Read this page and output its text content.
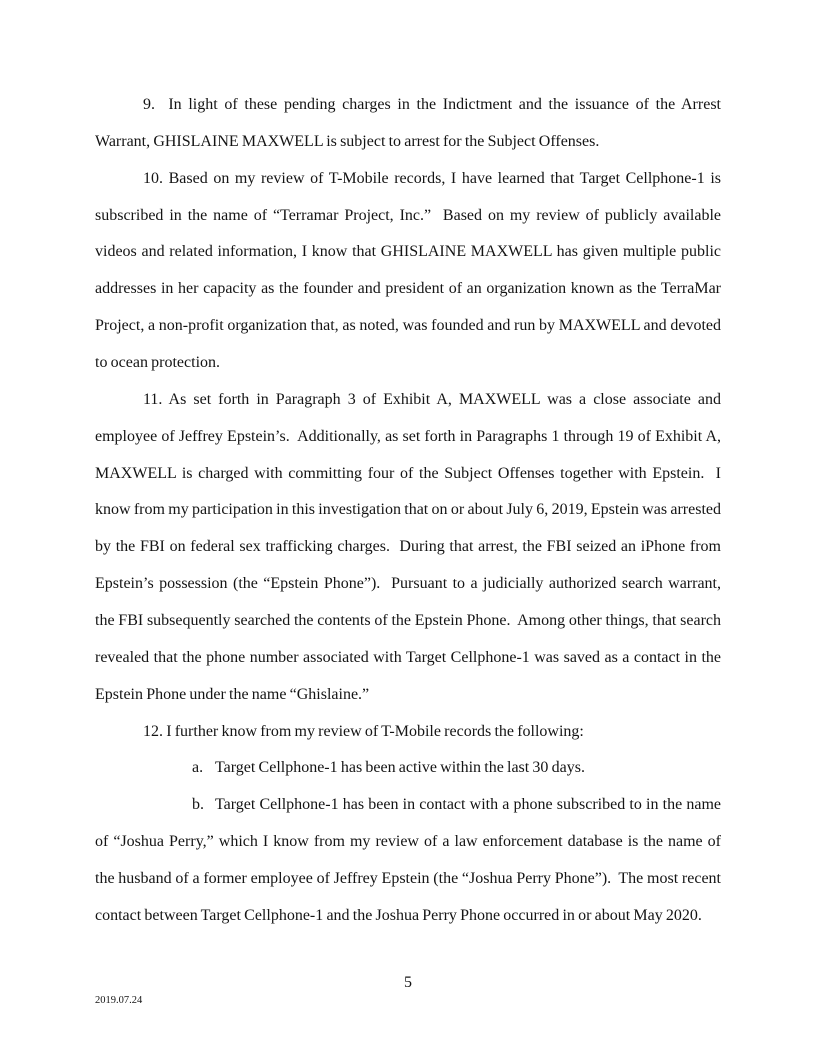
9.  In light of these pending charges in the Indictment and the issuance of the Arrest
Warrant, GHISLAINE MAXWELL is subject to arrest for the Subject Offenses.
10. Based on my review of T-Mobile records, I have learned that Target Cellphone-1 is
subscribed in the name of “Terramar Project, Inc.”  Based on my review of publicly available
videos and related information, I know that GHISLAINE MAXWELL has given multiple public
addresses in her capacity as the founder and president of an organization known as the TerraMar
Project, a non-profit organization that, as noted, was founded and run by MAXWELL and devoted
to ocean protection.
11. As set forth in Paragraph 3 of Exhibit A, MAXWELL was a close associate and
employee of Jeffrey Epstein’s.  Additionally, as set forth in Paragraphs 1 through 19 of Exhibit A,
MAXWELL is charged with committing four of the Subject Offenses together with Epstein.  I
know from my participation in this investigation that on or about July 6, 2019, Epstein was arrested
by the FBI on federal sex trafficking charges.  During that arrest, the FBI seized an iPhone from
Epstein’s possession (the “Epstein Phone”).  Pursuant to a judicially authorized search warrant,
the FBI subsequently searched the contents of the Epstein Phone.  Among other things, that search
revealed that the phone number associated with Target Cellphone-1 was saved as a contact in the
Epstein Phone under the name “Ghislaine.”
12. I further know from my review of T-Mobile records the following:
a. Target Cellphone-1 has been active within the last 30 days.
b. Target Cellphone-1 has been in contact with a phone subscribed to in the name
of “Joshua Perry,” which I know from my review of a law enforcement database is the name of
the husband of a former employee of Jeffrey Epstein (the “Joshua Perry Phone”).  The most recent
contact between Target Cellphone-1 and the Joshua Perry Phone occurred in or about May 2020.
5
2019.07.24
